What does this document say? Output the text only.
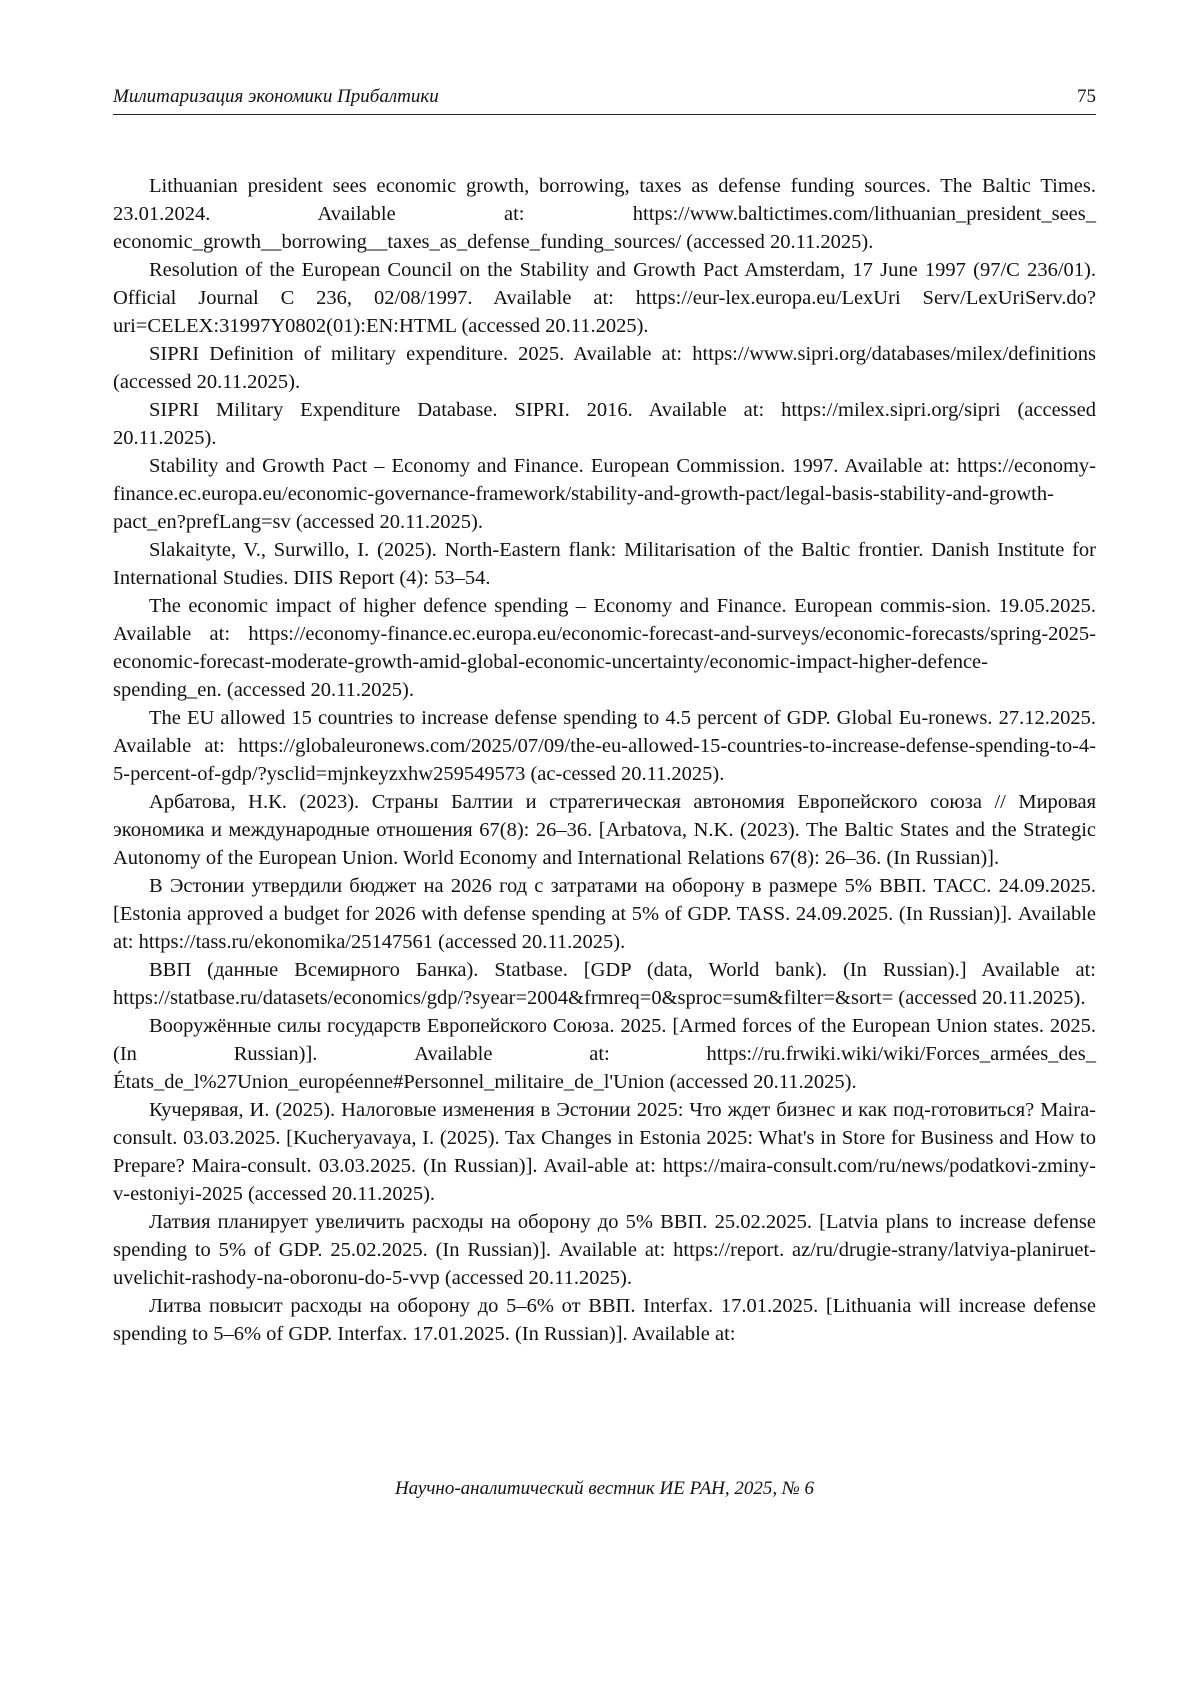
Милитаризация экономики Прибалтики	75

Lithuanian president sees economic growth, borrowing, taxes as defense funding sources. The Baltic Times. 23.01.2024. Available at: https://www.baltictimes.com/lithuanian_president_sees_ economic_growth__borrowing__taxes_as_defense_funding_sources/ (accessed 20.11.2025).

Resolution of the European Council on the Stability and Growth Pact Amsterdam, 17 June 1997 (97/C 236/01). Official Journal C 236, 02/08/1997. Available at: https://eur-lex.europa.eu/LexUri Serv/LexUriServ.do?uri=CELEX:31997Y0802(01):EN:HTML (accessed 20.11.2025).

SIPRI Definition of military expenditure. 2025. Available at: https://www.sipri.org/databases/milex/definitions (accessed 20.11.2025).

SIPRI Military Expenditure Database. SIPRI. 2016. Available at: https://milex.sipri.org/sipri (accessed 20.11.2025).

Stability and Growth Pact – Economy and Finance. European Commission. 1997. Available at: https://economy-finance.ec.europa.eu/economic-governance-framework/stability-and-growth-pact/legal-basis-stability-and-growth-pact_en?prefLang=sv (accessed 20.11.2025).

Slakaityte, V., Surwillo, I. (2025). North-Eastern flank: Militarisation of the Baltic frontier. Danish Institute for International Studies. DIIS Report (4): 53–54.

The economic impact of higher defence spending – Economy and Finance. European commis-sion. 19.05.2025. Available at: https://economy-finance.ec.europa.eu/economic-forecast-and-surveys/economic-forecasts/spring-2025-economic-forecast-moderate-growth-amid-global-economic-uncertainty/economic-impact-higher-defence-spending_en. (accessed 20.11.2025).

The EU allowed 15 countries to increase defense spending to 4.5 percent of GDP. Global Eu-ronews. 27.12.2025. Available at: https://globaleuronews.com/2025/07/09/the-eu-allowed-15-countries-to-increase-defense-spending-to-4-5-percent-of-gdp/?ysclid=mjnkeyzxhw259549573 (ac-cessed 20.11.2025).

Арбатова, Н.К. (2023). Страны Балтии и стратегическая автономия Европейского союза // Мировая экономика и международные отношения 67(8): 26–36. [Arbatova, N.K. (2023). The Baltic States and the Strategic Autonomy of the European Union. World Economy and International Relations 67(8): 26–36. (In Russian)].

В Эстонии утвердили бюджет на 2026 год с затратами на оборону в размере 5% ВВП. ТАСС. 24.09.2025. [Estonia approved a budget for 2026 with defense spending at 5% of GDP. TASS. 24.09.2025. (In Russian)]. Available at: https://tass.ru/ekonomika/25147561 (accessed 20.11.2025).

ВВП (данные Всемирного Банка). Statbase. [GDP (data, World bank). (In Russian).] Available at: https://statbase.ru/datasets/economics/gdp/?syear=2004&frmreq=0&sproc=sum&filter=&sort= (accessed 20.11.2025).

Вооружённые силы государств Европейского Союза. 2025. [Armed forces of the European Union states. 2025. (In Russian)]. Available at: https://ru.frwiki.wiki/wiki/Forces_armées_des_ États_de_l%27Union_européenne#Personnel_militaire_de_l'Union (accessed 20.11.2025).

Кучерявая, И. (2025). Налоговые изменения в Эстонии 2025: Что ждет бизнес и как под-готовиться? Maira-consult. 03.03.2025. [Kucheryavaya, I. (2025). Tax Changes in Estonia 2025: What's in Store for Business and How to Prepare? Maira-consult. 03.03.2025. (In Russian)]. Avail-able at: https://maira-consult.com/ru/news/podatkovi-zminy-v-estoniyi-2025 (accessed 20.11.2025).

Латвия планирует увеличить расходы на оборону до 5% ВВП. 25.02.2025. [Latvia plans to increase defense spending to 5% of GDP. 25.02.2025. (In Russian)]. Available at: https://report. az/ru/drugie-strany/latviya-planiruet-uvelichit-rashody-na-oboronu-do-5-vvp (accessed 20.11.2025).

Литва повысит расходы на оборону до 5–6% от ВВП. Interfax. 17.01.2025. [Lithuania will increase defense spending to 5–6% of GDP. Interfax. 17.01.2025. (In Russian)]. Available at:

Научно-аналитический вестник ИЕ РАН, 2025, № 6
